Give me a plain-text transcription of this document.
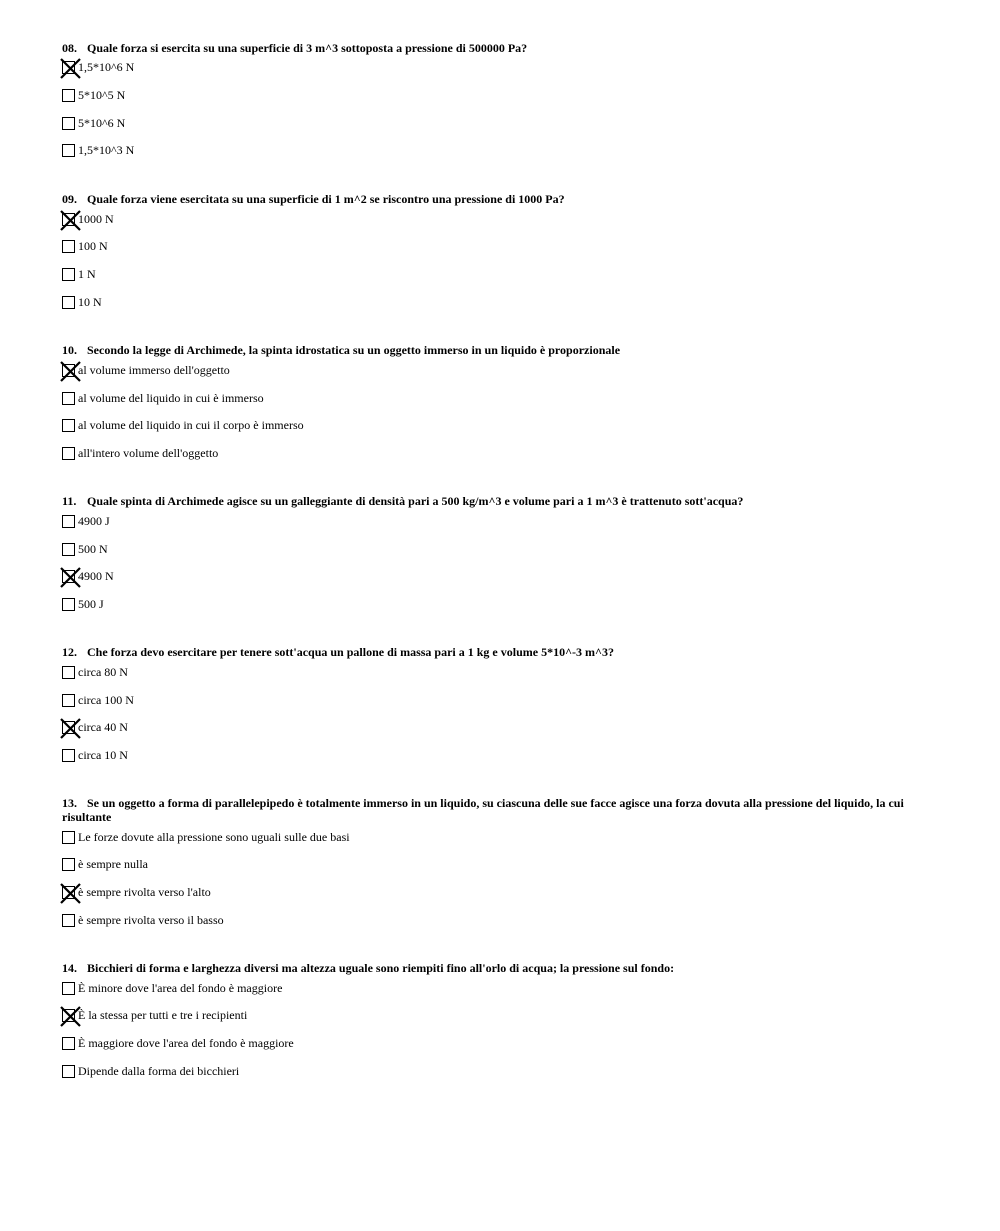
08. Quale forza si esercita su una superficie di 3 m^3 sottoposta a pressione di 500000 Pa?

1,5*10^6 N
5*10^5 N
5*10^6 N
1,5*10^3 N

09. Quale forza viene esercitata su una superficie di 1 m^2 se riscontro una pressione di 1000 Pa?

1000 N
100 N
1 N
10 N

10. Secondo la legge di Archimede, la spinta idrostatica su un oggetto immerso in un liquido è proporzionale

al volume immerso dell'oggetto
al volume del liquido in cui è immerso
al volume del liquido in cui il corpo è immerso
all'intero volume dell'oggetto

11. Quale spinta di Archimede agisce su un galleggiante di densità pari a 500 kg/m^3 e volume pari a 1 m^3 è trattenuto sott'acqua?

4900 J
500 N
4900 N
500 J

12. Che forza devo esercitare per tenere sott'acqua un pallone di massa pari a 1 kg e volume 5*10^-3 m^3?

circa 80 N
circa 100 N
circa 40 N
circa 10 N

13. Se un oggetto a forma di parallelepipedo è totalmente immerso in un liquido, su ciascuna delle sue facce agisce una forza dovuta alla pressione del liquido, la cui risultante

Le forze dovute alla pressione sono uguali sulle due basi
è sempre nulla
è sempre rivolta verso l'alto
è sempre rivolta verso il basso

14. Bicchieri di forma e larghezza diversi ma altezza uguale sono riempiti fino all'orlo di acqua; la pressione sul fondo:

È minore dove l'area del fondo è maggiore
È la stessa per tutti e tre i recipienti
È maggiore dove l'area del fondo è maggiore
Dipende dalla forma dei bicchieri
